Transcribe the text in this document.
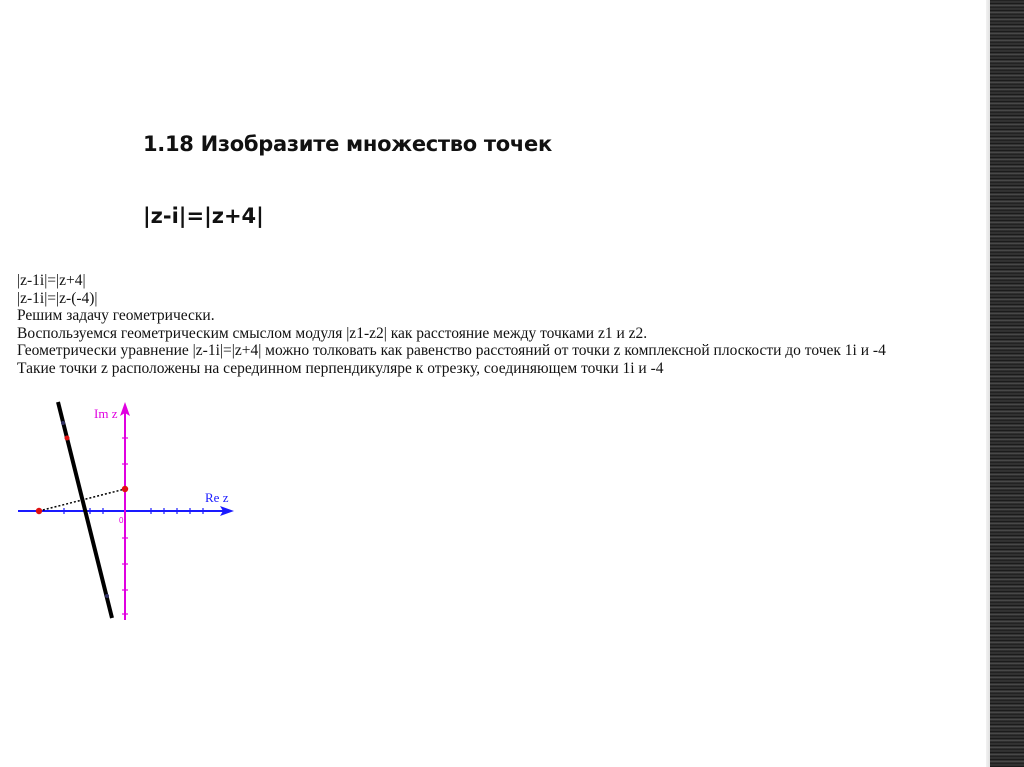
1.18 Изобразите множество точек
|z-i|=|z+4|
|z-1i|=|z+4|
|z-1i|=|z-(-4)|
Решим задачу геометрически.
Воспользуемся геометрическим смыслом модуля |z1-z2| как расстояние между точками z1 и z2.
Геометрически уравнение |z-1i|=|z+4| можно толковать как равенство расстояний от точки z комплексной плоскости до точек 1i и -4
Такие точки z расположены на серединном перпендикуляре к отрезку, соединяющем точки 1i и -4
Im z
Re z
0
